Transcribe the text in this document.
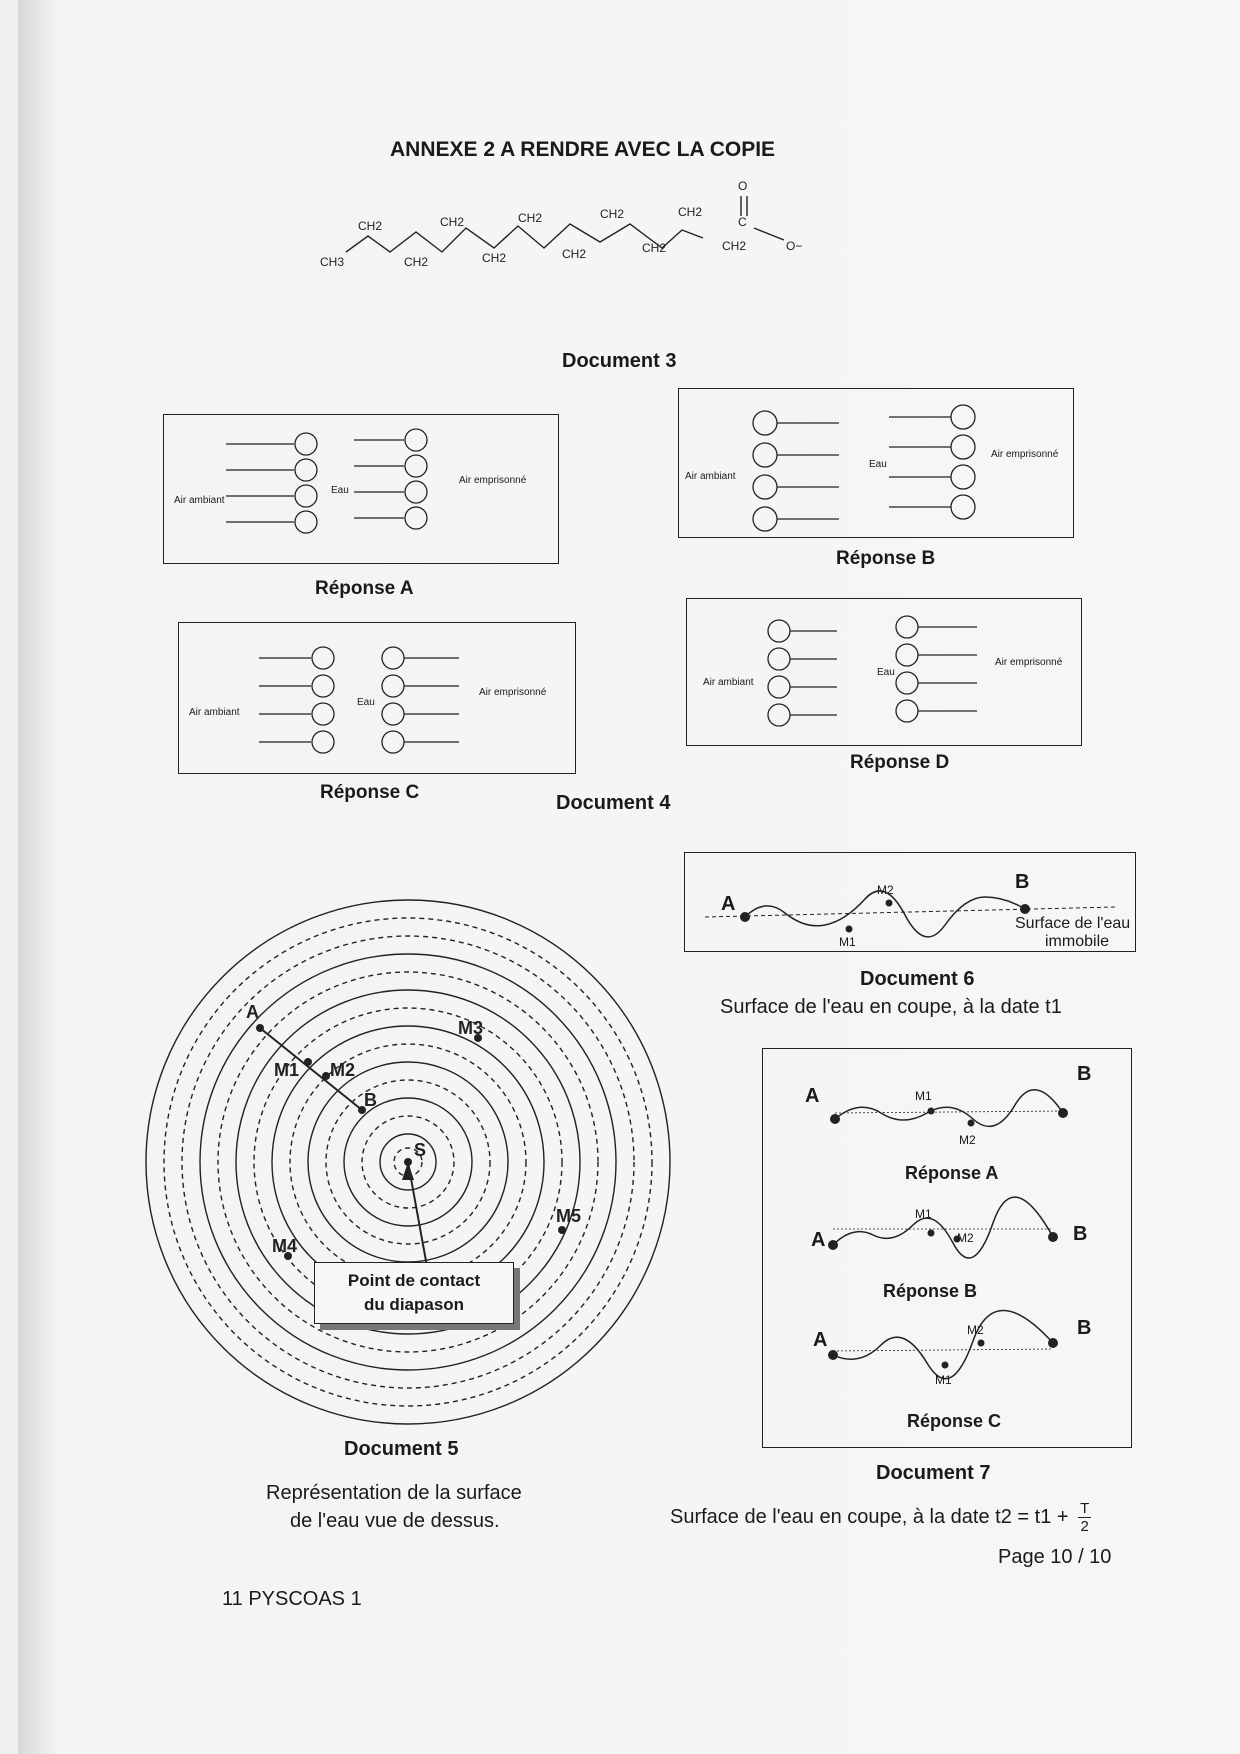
ANNEXE 2 A RENDRE AVEC LA COPIE
CH3
CH2
CH2
CH2
CH2
CH2
CH2
CH2
CH2
CH2
CH2
C
O
O−
Document 3
Air ambiant
Eau
Air emprisonné
Réponse A
Air ambiant
Eau
Air emprisonné
Réponse B
Air ambiant
Eau
Air emprisonné
Réponse C
Air ambiant
Eau
Air emprisonné
Réponse D
Document 4
A
B
S
M1 M2
M3
M5
M4
Point de contact
du diapason
Document 5
Représentation de la surface
de l'eau vue de dessus.
A
B
M2
M1
Surface de l'eau
immobile
Document 6
Surface de l'eau en coupe, à la date t1
A
B
M1
M2
Réponse A
A	B
M1
M2
Réponse B
A
B
M2
M1
Réponse C
Document 7
Surface de l'eau en coupe, à la date $t2 = t1 + \frac{T}{2}$
Page 10 / 10
11 PYSCOAS 1
